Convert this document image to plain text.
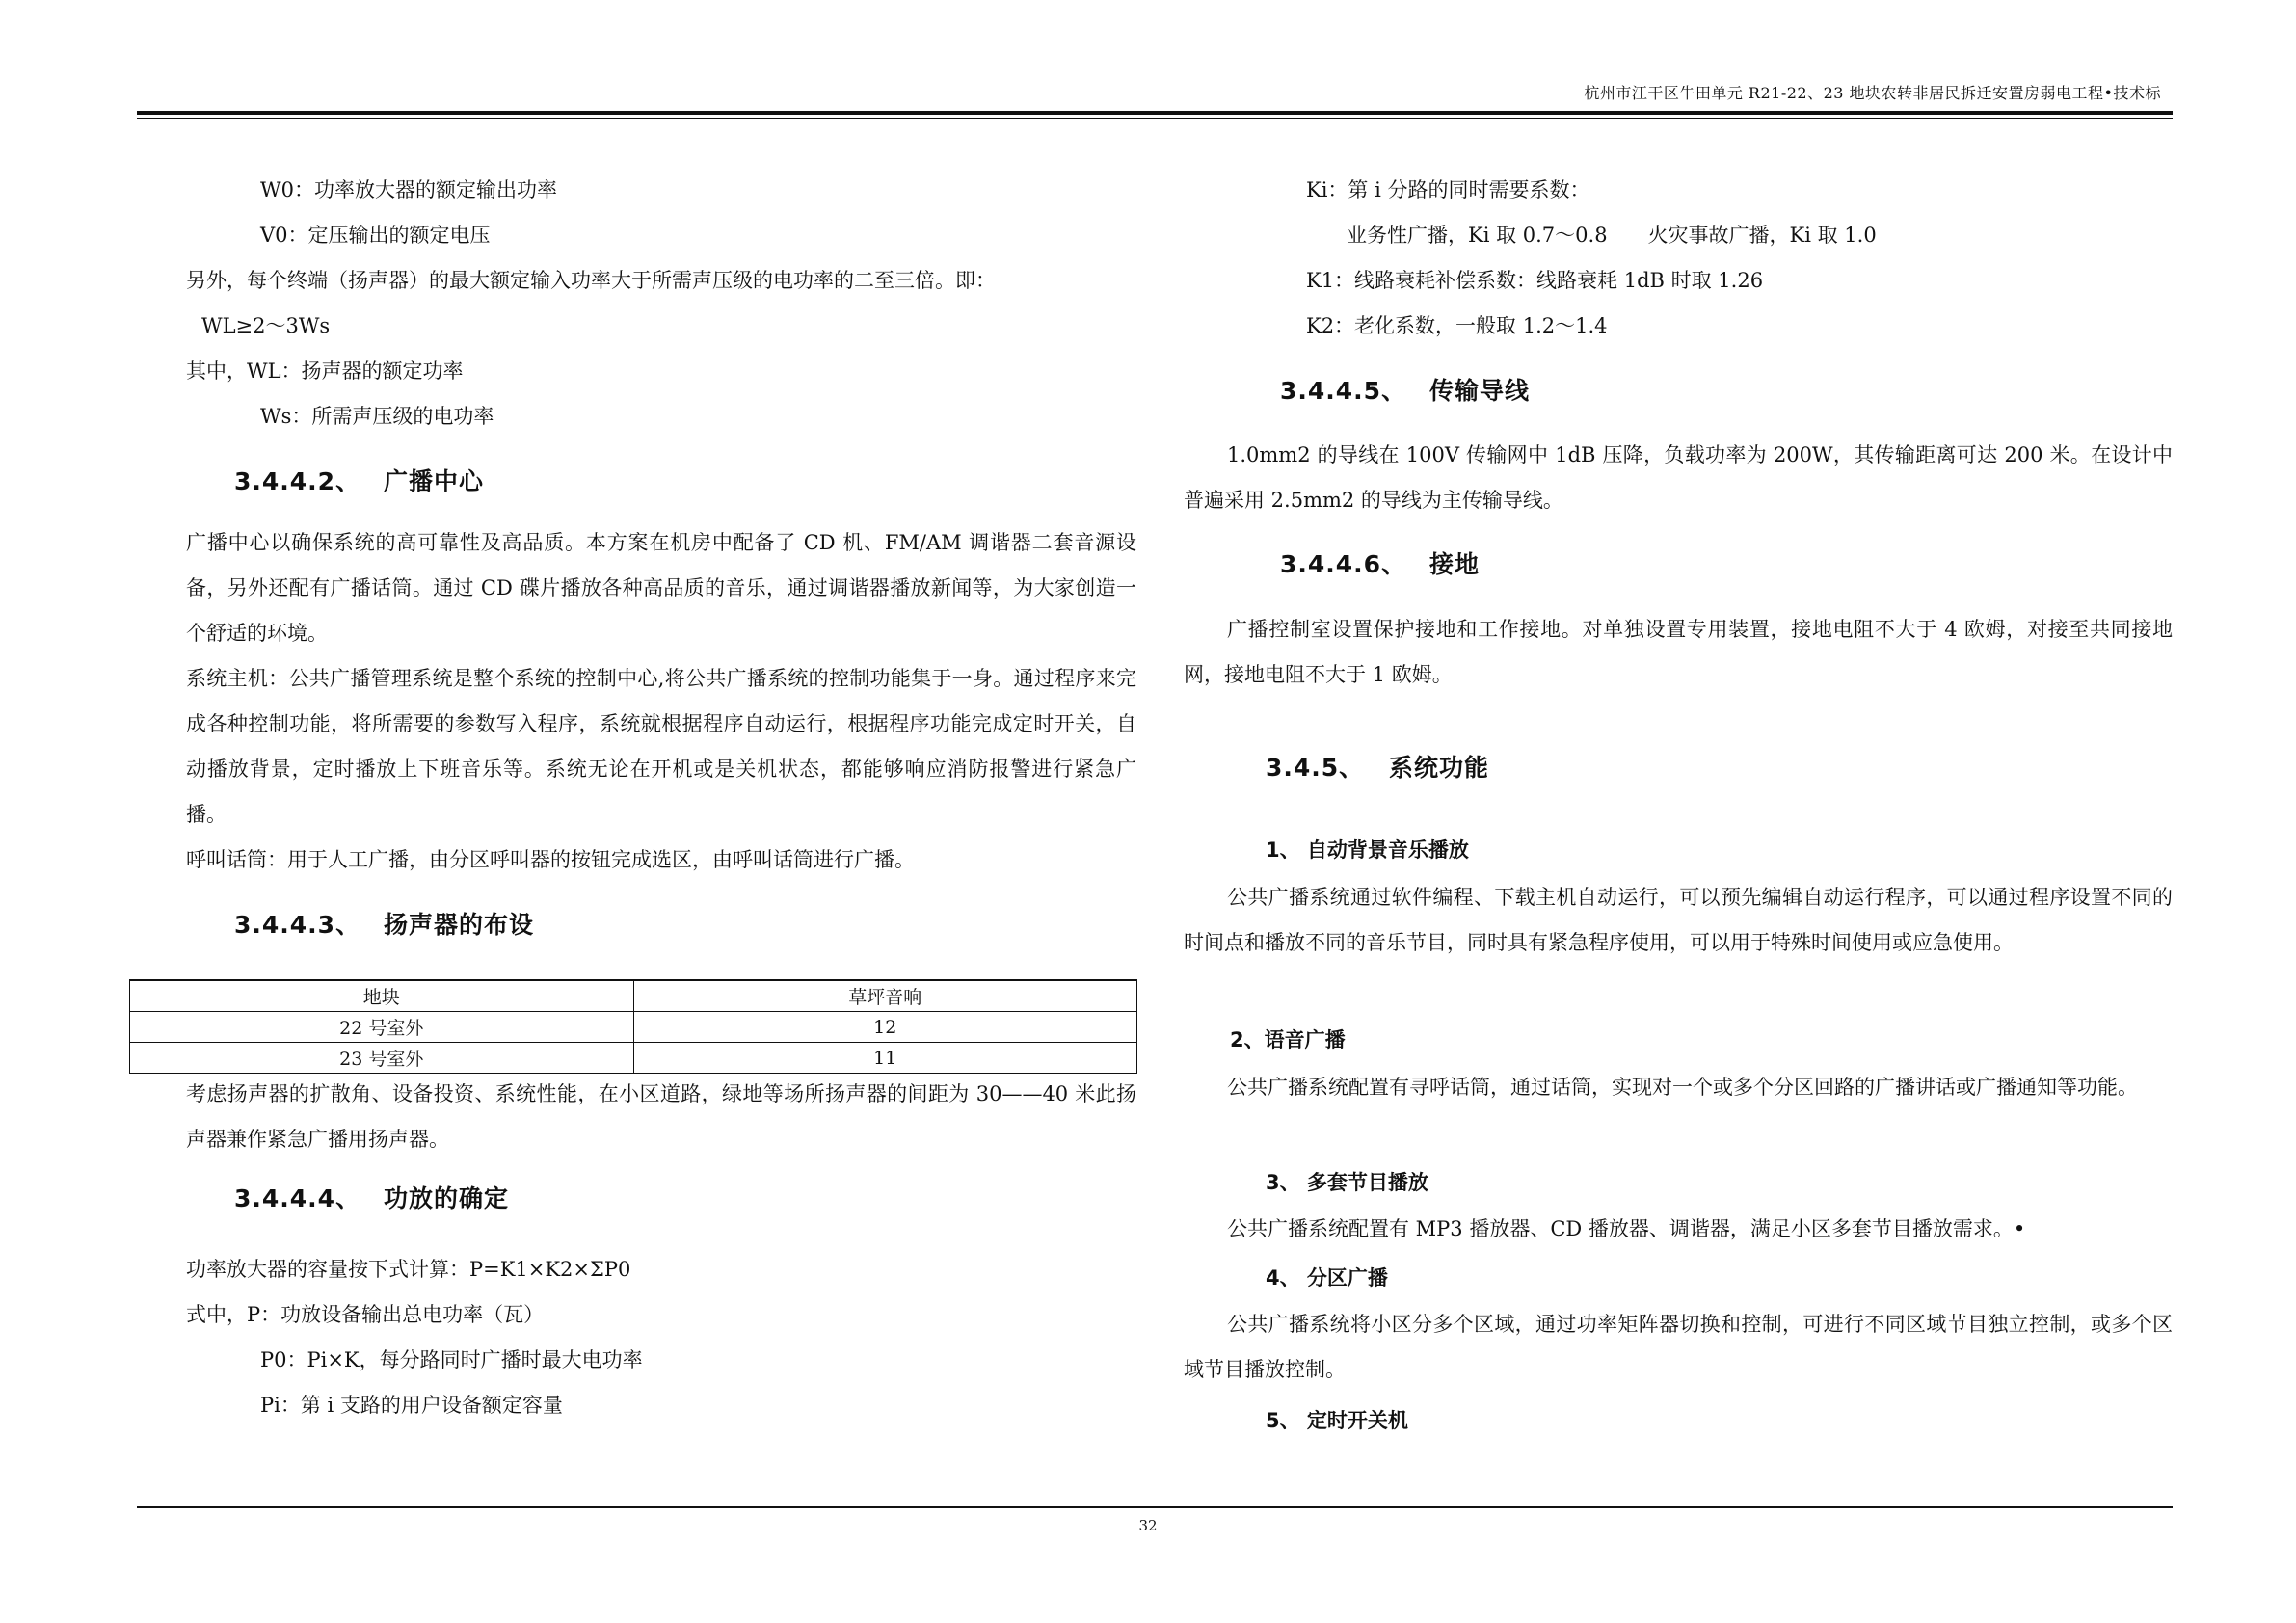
杭州市江干区牛田单元 R21-22、23 地块农转非居民拆迁安置房弱电工程•技术标
W0：功率放大器的额定输出功率
V0：定压输出的额定电压
另外，每个终端（扬声器）的最大额定输入功率大于所需声压级的电功率的二至三倍。即：
WL≥2～3Ws
其中，WL：扬声器的额定功率
Ws：所需声压级的电功率
3.4.4.2、 广播中心
广播中心以确保系统的高可靠性及高品质。本方案在机房中配备了 CD 机、FM/AM 调谐器二套音源设备，另外还配有广播话筒。通过 CD 碟片播放各种高品质的音乐，通过调谐器播放新闻等，为大家创造一个舒适的环境。
系统主机：公共广播管理系统是整个系统的控制中心,将公共广播系统的控制功能集于一身。通过程序来完成各种控制功能，将所需要的参数写入程序，系统就根据程序自动运行，根据程序功能完成定时开关，自动播放背景，定时播放上下班音乐等。系统无论在开机或是关机状态，都能够响应消防报警进行紧急广播。
呼叫话筒：用于人工广播，由分区呼叫器的按钮完成选区，由呼叫话筒进行广播。
3.4.4.3、 扬声器的布设
地块	草坪音响
22 号室外	12
23 号室外	11
考虑扬声器的扩散角、设备投资、系统性能，在小区道路，绿地等场所扬声器的间距为 30——40 米此扬声器兼作紧急广播用扬声器。
3.4.4.4、 功放的确定
功率放大器的容量按下式计算：P=K1×K2×ΣP0
式中，P：功放设备输出总电功率（瓦）
P0：Pi×K，每分路同时广播时最大电功率
Pi：第 i 支路的用户设备额定容量
Ki：第 i 分路的同时需要系数：
业务性广播，Ki 取 0.7～0.8　　火灾事故广播，Ki 取 1.0
K1：线路衰耗补偿系数：线路衰耗 1dB 时取 1.26
K2：老化系数，一般取 1.2～1.4
3.4.4.5、 传输导线
1.0mm2 的导线在 100V 传输网中 1dB 压降，负载功率为 200W，其传输距离可达 200 米。在设计中普遍采用 2.5mm2 的导线为主传输导线。
3.4.4.6、 接地
广播控制室设置保护接地和工作接地。对单独设置专用装置，接地电阻不大于 4 欧姆，对接至共同接地网，接地电阻不大于 1 欧姆。
3.4.5、 系统功能
1、 自动背景音乐播放
公共广播系统通过软件编程、下载主机自动运行，可以预先编辑自动运行程序，可以通过程序设置不同的时间点和播放不同的音乐节目，同时具有紧急程序使用，可以用于特殊时间使用或应急使用。
2、语音广播
公共广播系统配置有寻呼话筒，通过话筒，实现对一个或多个分区回路的广播讲话或广播通知等功能。
3、 多套节目播放
公共广播系统配置有 MP3 播放器、CD 播放器、调谐器，满足小区多套节目播放需求。•
4、 分区广播
公共广播系统将小区分多个区域，通过功率矩阵器切换和控制，可进行不同区域节目独立控制，或多个区域节目播放控制。
5、 定时开关机
32
